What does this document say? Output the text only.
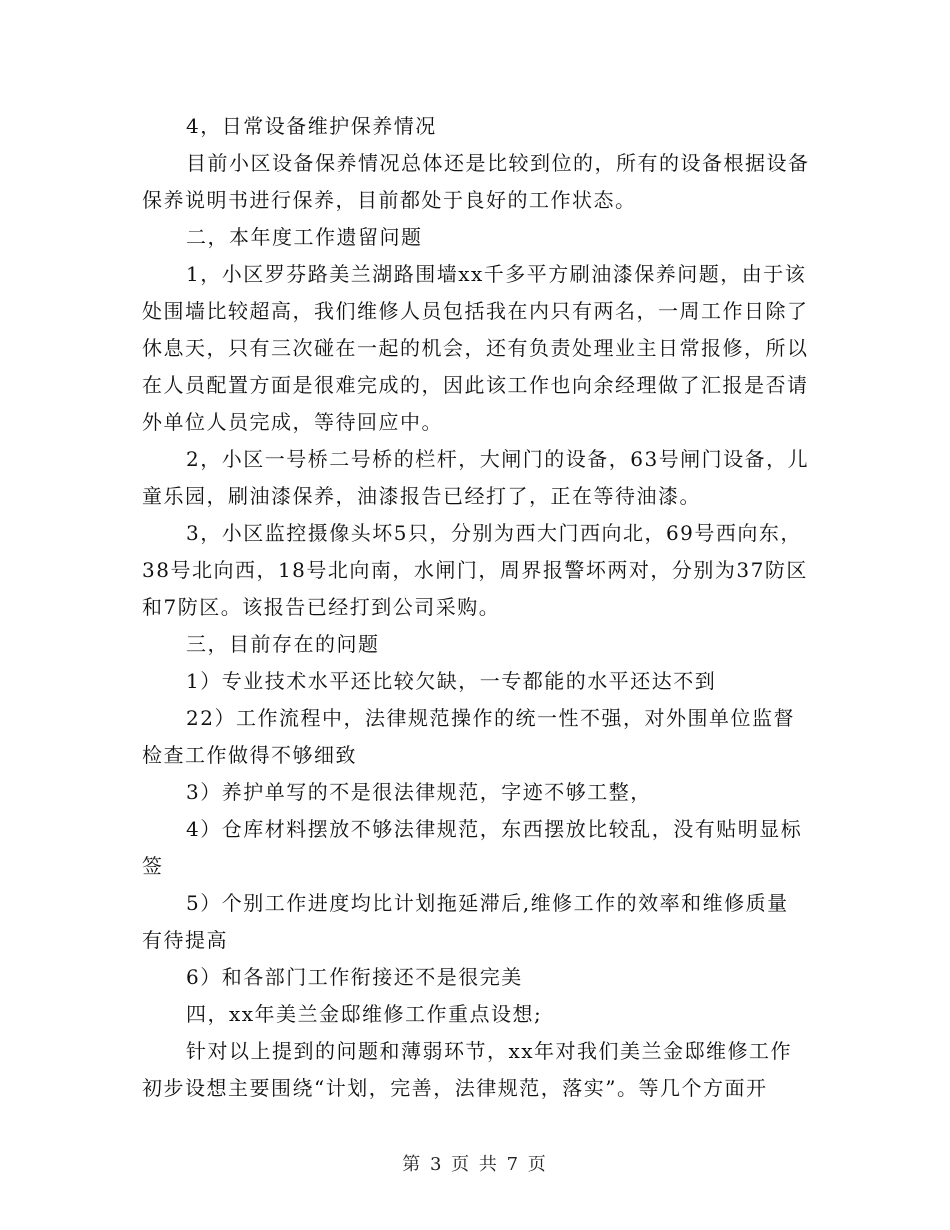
4，日常设备维护保养情况

目前小区设备保养情况总体还是比较到位的，所有的设备根据设备保养说明书进行保养，目前都处于良好的工作状态。

二，本年度工作遗留问题

1，小区罗芬路美兰湖路围墙xx千多平方刷油漆保养问题，由于该处围墙比较超高，我们维修人员包括我在内只有两名，一周工作日除了休息天，只有三次碰在一起的机会，还有负责处理业主日常报修，所以在人员配置方面是很难完成的，因此该工作也向余经理做了汇报是否请外单位人员完成，等待回应中。

2，小区一号桥二号桥的栏杆，大闸门的设备，63号闸门设备，儿童乐园，刷油漆保养，油漆报告已经打了，正在等待油漆。

3，小区监控摄像头坏5只，分别为西大门西向北，69号西向东，38号北向西，18号北向南，水闸门，周界报警坏两对，分别为37防区和7防区。该报告已经打到公司采购。

三，目前存在的问题

1）专业技术水平还比较欠缺，一专都能的水平还达不到

22）工作流程中，法律规范操作的统一性不强，对外围单位监督检查工作做得不够细致

3）养护单写的不是很法律规范，字迹不够工整，

4）仓库材料摆放不够法律规范，东西摆放比较乱，没有贴明显标签

5）个别工作进度均比计划拖延滞后,维修工作的效率和维修质量有待提高

6）和各部门工作衔接还不是很完美

四，xx年美兰金邸维修工作重点设想;

针对以上提到的问题和薄弱环节，xx年对我们美兰金邸维修工作初步设想主要围绕“计划，完善，法律规范，落实”。等几个方面开

第 3 页 共 7 页
